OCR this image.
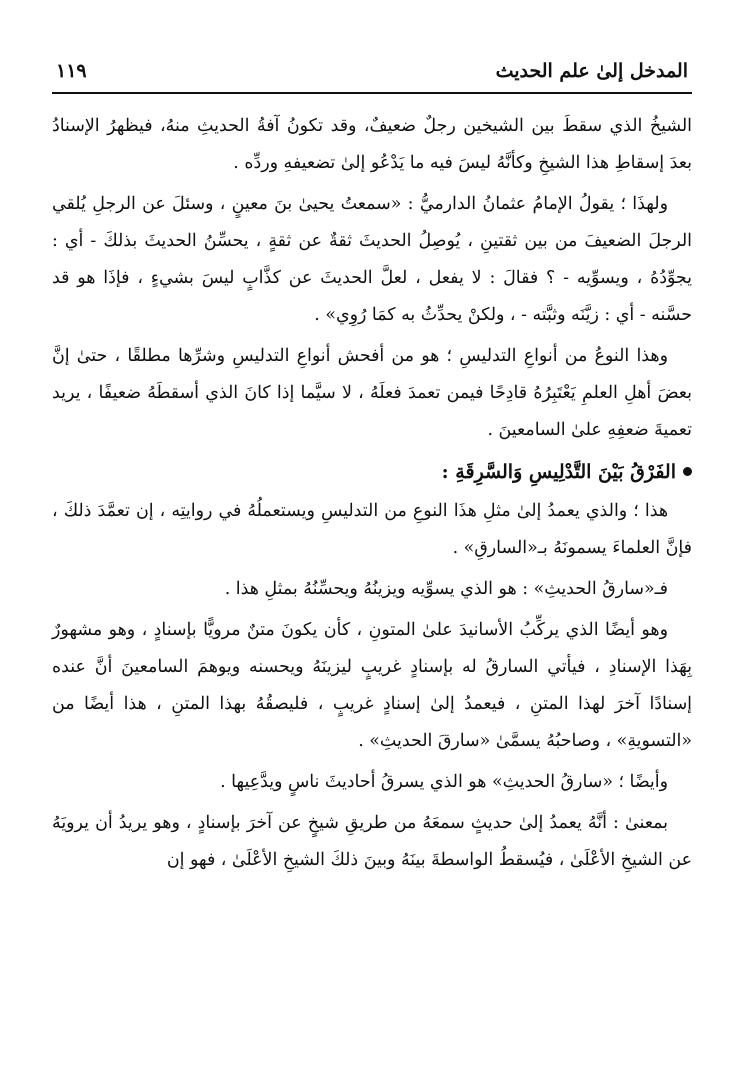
المدخل إلىٰ علم الحديث
١١٩

الشيخُ الذي سقطَ بين الشيخين رجلٌ ضعيفٌ، وقد تكونُ آفةُ الحديثِ منهُ، فيظهرُ الإسنادُ بعدَ إسقاطِ هذا الشيخِ وكأنَّهُ ليسَ فيه ما يَدْعُو إلىٰ تضعيفهِ وردِّه .

ولهذَا ؛ يقولُ الإمامُ عثمانُ الدارميُّ : «سمعتُ يحيىٰ بنَ معينٍ ، وسئلَ عن الرجلِ يُلقي الرجلَ الضعيفَ من بين ثقتينِ ، يُوصِلُ الحديثَ ثقةٌ عن ثقةٍ ، يحسِّنُ الحديثَ بذلكَ - أي : يجوِّدُهُ ، ويسوِّيه - ؟ فقالَ : لا يفعل ، لعلَّ الحديثَ عن كذَّابٍ ليسَ بشيءٍ ، فإذَا هو قد حسَّنه - أي : زيَّنَه وثبَّته - ، ولكنْ يحدِّثُ به كمَا رُوِي» .

وهذا النوعُ من أنواعِ التدليسِ ؛ هو من أفحش أنواعِ التدليسِ وشرِّها مطلقًا ، حتىٰ إنَّ بعضَ أهلِ العلمِ يَعْتَبِرُهُ قادِحًا فيمن تعمدَ فعلَهُ ، لا سيَّما إذا كانَ الذي أسقطَهُ ضعيفًا ، يريد تعميةَ ضعفِهِ علىٰ السامعينَ .

الفَرْقُ بَيْنَ التَّدْلِيسِ وَالسَّرِقَةِ :

هذا ؛ والذي يعمدُ إلىٰ مثلِ هذَا النوعِ من التدليسِ ويستعملُهُ في روايتِه ، إن تعمَّدَ ذلكَ ، فإنَّ العلماءَ يسمونَهُ بـ«السارقِ» .

فـ«سارقُ الحديثِ» : هو الذي يسوِّيه ويزينُهُ ويحسِّنُهُ بمثلِ هذا .

وهو أيضًا الذي يركِّبُ الأسانيدَ علىٰ المتونِ ، كأن يكونَ متنٌ مرويًّا بإسنادٍ ، وهو مشهورٌ بِهَذا الإسنادِ ، فيأتي السارقُ له بإسنادٍ غريبٍ ليزينَهُ ويحسنه ويوهمَ السامعينَ أنَّ عنده إسنادًا آخرَ لهذا المتنِ ، فيعمدُ إلىٰ إسنادٍ غريبٍ ، فليصقُهُ بهذا المتنِ ، هذا أيضًا من «التسويةِ» ، وصاحبُهُ يسمَّىٰ «سارقَ الحديثِ» .

وأيضًا ؛ «سارقُ الحديثِ» هو الذي يسرقُ أحاديثَ ناسٍ ويدَّعِيها .

بمعنىٰ : أنَّهُ يعمدُ إلىٰ حديثٍ سمعَهُ من طريقِ شيخٍ عن آخرَ بإسنادٍ ، وهو يريدُ أن يرويَهُ عن الشيخِ الأعْلَىٰ ، فيُسقطُ الواسطةَ بينَهُ وبينَ ذلكَ الشيخِ الأعْلَىٰ ، فهو إن
